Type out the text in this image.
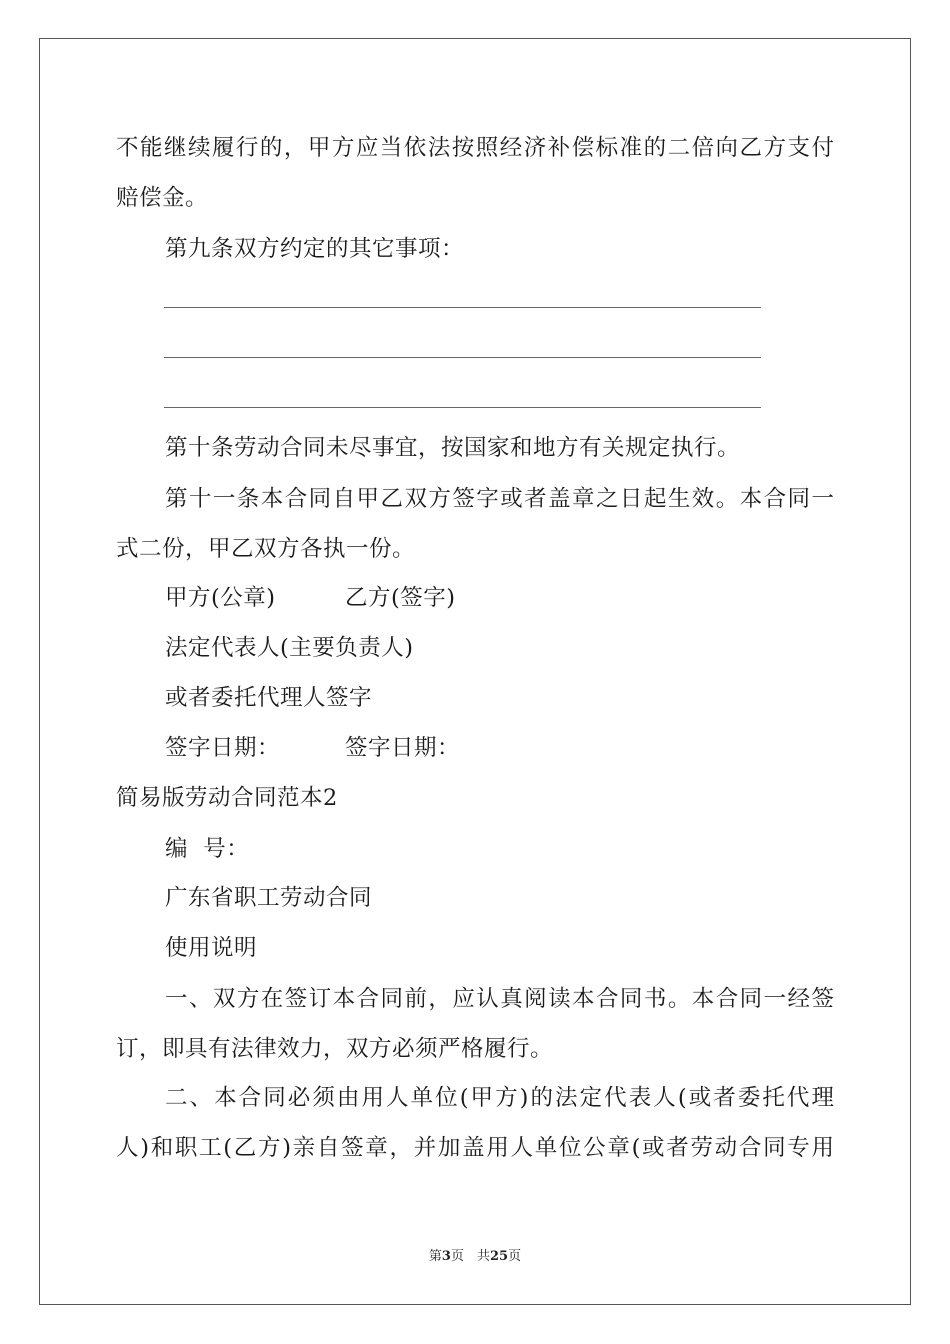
不能继续履行的，甲方应当依法按照经济补偿标准的二倍向乙方支付
赔偿金。
第九条双方约定的其它事项：
第十条劳动合同未尽事宜，按国家和地方有关规定执行。
第十一条本合同自甲乙双方签字或者盖章之日起生效。本合同一
式二份，甲乙双方各执一份。
甲方(公章)	乙方(签字)
法定代表人(主要负责人)
或者委托代理人签字
签字日期：	签字日期：
简易版劳动合同范本2
编  号：
广东省职工劳动合同
使用说明
一、双方在签订本合同前，应认真阅读本合同书。本合同一经签
订，即具有法律效力，双方必须严格履行。
二、本合同必须由用人单位(甲方)的法定代表人(或者委托代理
人)和职工(乙方)亲自签章，并加盖用人单位公章(或者劳动合同专用
第3页　共25页
